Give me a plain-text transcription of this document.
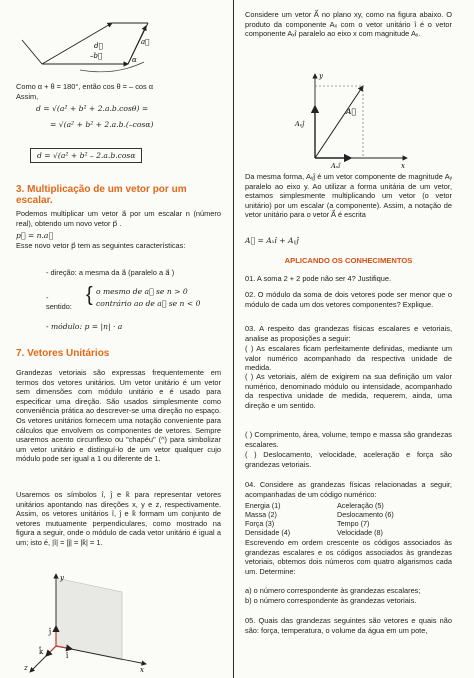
d⃗
–b⃗
a⃗
α

Como α + θ = 180°, então cos θ = – cos α

Assim,

d = √(a² + b² + 2.a.b.cosθ) =
= √(a² + b² + 2.a.b.(–cosα)
d = √(a² + b² – 2.a.b.cosα

3. Multiplicação de um vetor por um escalar.

Podemos multiplicar um vetor a⃗ por um escalar n (número real), obtendo um novo vetor p⃗ .

p⃗ = n.a⃗

Esse novo vetor p⃗ tem as seguintes características:

- direção: a mesma da a⃗ (paralelo a a⃗ )

- sentido:
{ o mesmo de a⃗ se n > 0
contrário ao de a⃗ se n < 0

- módulo: p = |n| · a

7. Vetores Unitários

Grandezas vetoriais são expressas frequentemente em termos dos vetores unitários. Um vetor unitário é um vetor sem dimensões com módulo unitário e é usado para especificar uma direção. São usados simplesmente como conveniência prática ao descrever-se uma direção no espaço. Os vetores unitários fornecem uma notação conveniente para cálculos que envolvem os componentes de vetores. Sempre usaremos acento circunflexo ou "chapéu" (^) para simbolizar um vetor unitário e distinguí-lo de um vetor qualquer cujo módulo pode ser igual a 1 ou diferente de 1.

Usaremos os símbolos î, ĵ e k̂ para representar vetores unitários apontando nas direções x, y e z, respectivamente. Assim, os vetores unitários î, ĵ e k̂ formam um conjunto de vetores mutuamente perpendiculares, como mostrado na figura a seguir, onde o módulo de cada vetor unitário é igual a um; isto é, |î| = |ĵ| = |k̂| = 1.

y
x
z
ĵ
î
k̂

Considere um vetor A⃗ no plano xy, como na figura abaixo. O produto da componente Aₓ com o vetor unitário î é o vetor componente Aₓî paralelo ao eixo x com magnitude Aₓ.

A⃗
Aᵧĵ
Aₓî	x
y

Da mesma forma, Aᵧĵ é um vetor componente de magnitude Aᵧ paralelo ao eixo y. Ao utilizar a forma unitária de um vetor, estamos simplesmente multiplicando um vetor (o vetor unitário) por um escalar (a componente). Assim, a notação de vetor unitário para o vetor A⃗ é escrita

A⃗ = Aₓî + Aᵧĵ

APLICANDO OS CONHECIMENTOS

01. A soma 2 + 2 pode não ser 4? Justifique.

02. O módulo da soma de dois vetores pode ser menor que o módulo de cada um dos vetores componentes? Explique.

03. A respeito das grandezas físicas escalares e vetoriais, analise as proposições a seguir:

( ) As escalares ficam perfeitamente definidas, mediante um valor numérico acompanhado da respectiva unidade de medida.

( ) As vetoriais, além de exigirem na sua definição um valor numérico, denominado módulo ou intensidade, acompanhado da respectiva unidade de medida, requerem, ainda, uma direção e um sentido.

( ) Comprimento, área, volume, tempo e massa são grandezas escalares.

( ) Deslocamento, velocidade, aceleração e força são grandezas vetoriais.

04. Considere as grandezas físicas relacionadas a seguir, acompanhadas de um código numérico:

Energia (1)	Aceleração (5)
Massa (2)	Deslocamento (6)
Força (3)	Tempo (7)
Densidade (4)	Velocidade (8)

Escrevendo em ordem crescente os códigos associados às grandezas escalares e os códigos associados às grandezas vetoriais, obtemos dois números com quatro algarismos cada um. Determine:

a) o número correspondente às grandezas escalares;

b) o número correspondente às grandezas vetoriais.

05. Quais das grandezas seguintes são vetores e quais não são: força, temperatura, o volume da água em um pote,
